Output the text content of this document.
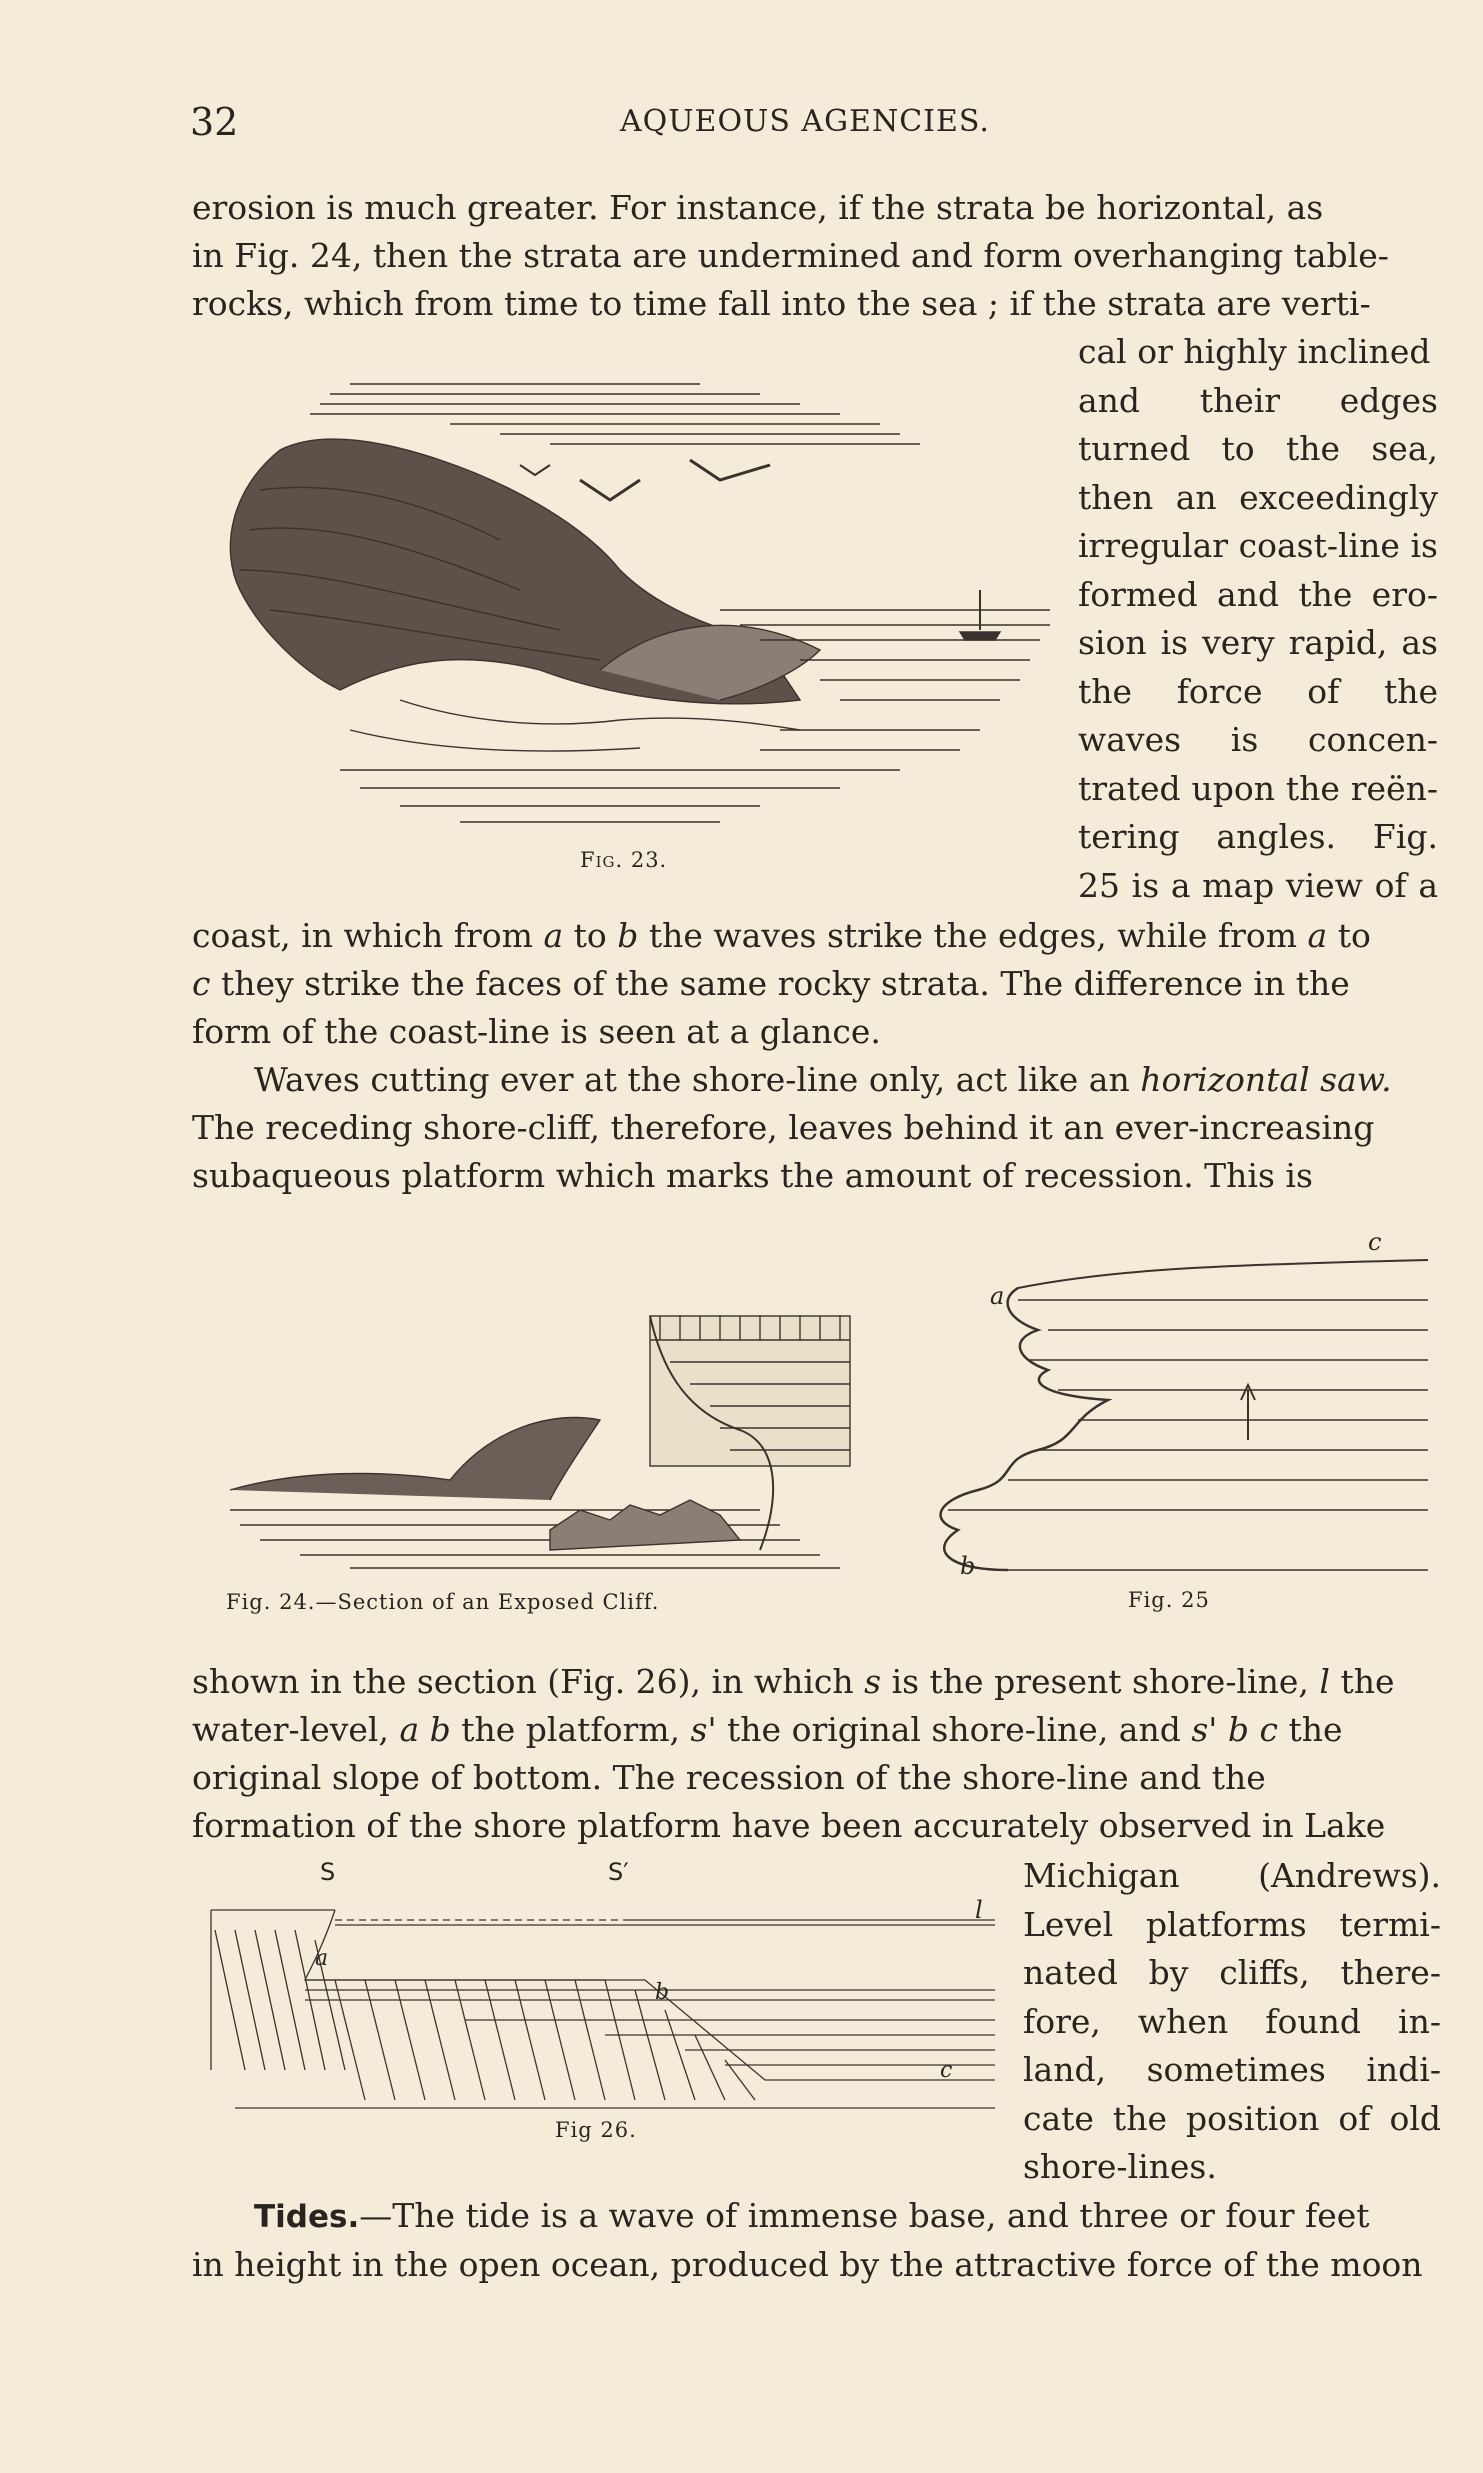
32	AQUEOUS AGENCIES.

erosion is much greater. For instance, if the strata be horizontal, as

in Fig. 24, then the strata are undermined and form overhanging table-

rocks, which from time to time fall into the sea ; if the strata are verti-

cal or highly inclined
and their edges
turned to the sea,
then an exceedingly
irregular coast-line is
formed and the ero-
sion is very rapid, as
the force of the
waves is concen-
trated upon the reën-
tering angles. Fig.
25 is a map view of a
Fig. 23.

coast, in which from a to b the waves strike the edges, while from a to

c they strike the faces of the same rocky strata. The difference in the

form of the coast-line is seen at a glance.

Waves cutting ever at the shore-line only, act like an horizontal saw.

The receding shore-cliff, therefore, leaves behind it an ever-increasing

subaqueous platform which marks the amount of recession. This is

Fig. 24.—Section of an Exposed Cliff.
a
c
b
Fig. 25

shown in the section (Fig. 26), in which s is the present shore-line, l the

water-level, a b the platform, s' the original shore-line, and s' b c the

original slope of bottom. The recession of the shore-line and the

formation of the shore platform have been accurately observed in Lake

Michigan (Andrews).
Level platforms termi-
nated by cliffs, there-
fore, when found in-
land, sometimes indi-
cate the position of old
shore-lines.
S	S′
l
a
b
c
Fig 26.

Tides.—The tide is a wave of immense base, and three or four feet

in height in the open ocean, produced by the attractive force of the moon
